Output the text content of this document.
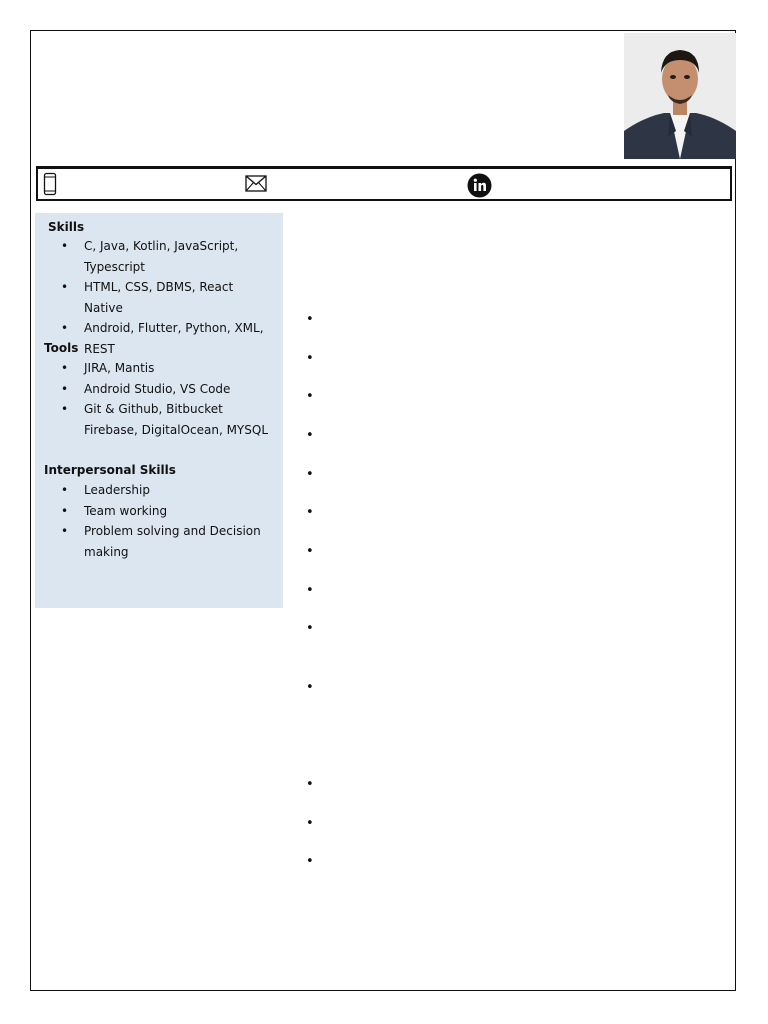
Skills
• C, Java, Kotlin, JavaScript, Typescript
• HTML, CSS, DBMS, React Native
• Android, Flutter, Python, XML, REST
Tools
• JIRA, Mantis
• Android Studio, VS Code
• Git & Github, Bitbucket Firebase, DigitalOcean, MYSQL
Interpersonal Skills
• Leadership
• Team working
• Problem solving and Decision making
•
•
•
•
•
•
•
•
•
•
•
•
•
